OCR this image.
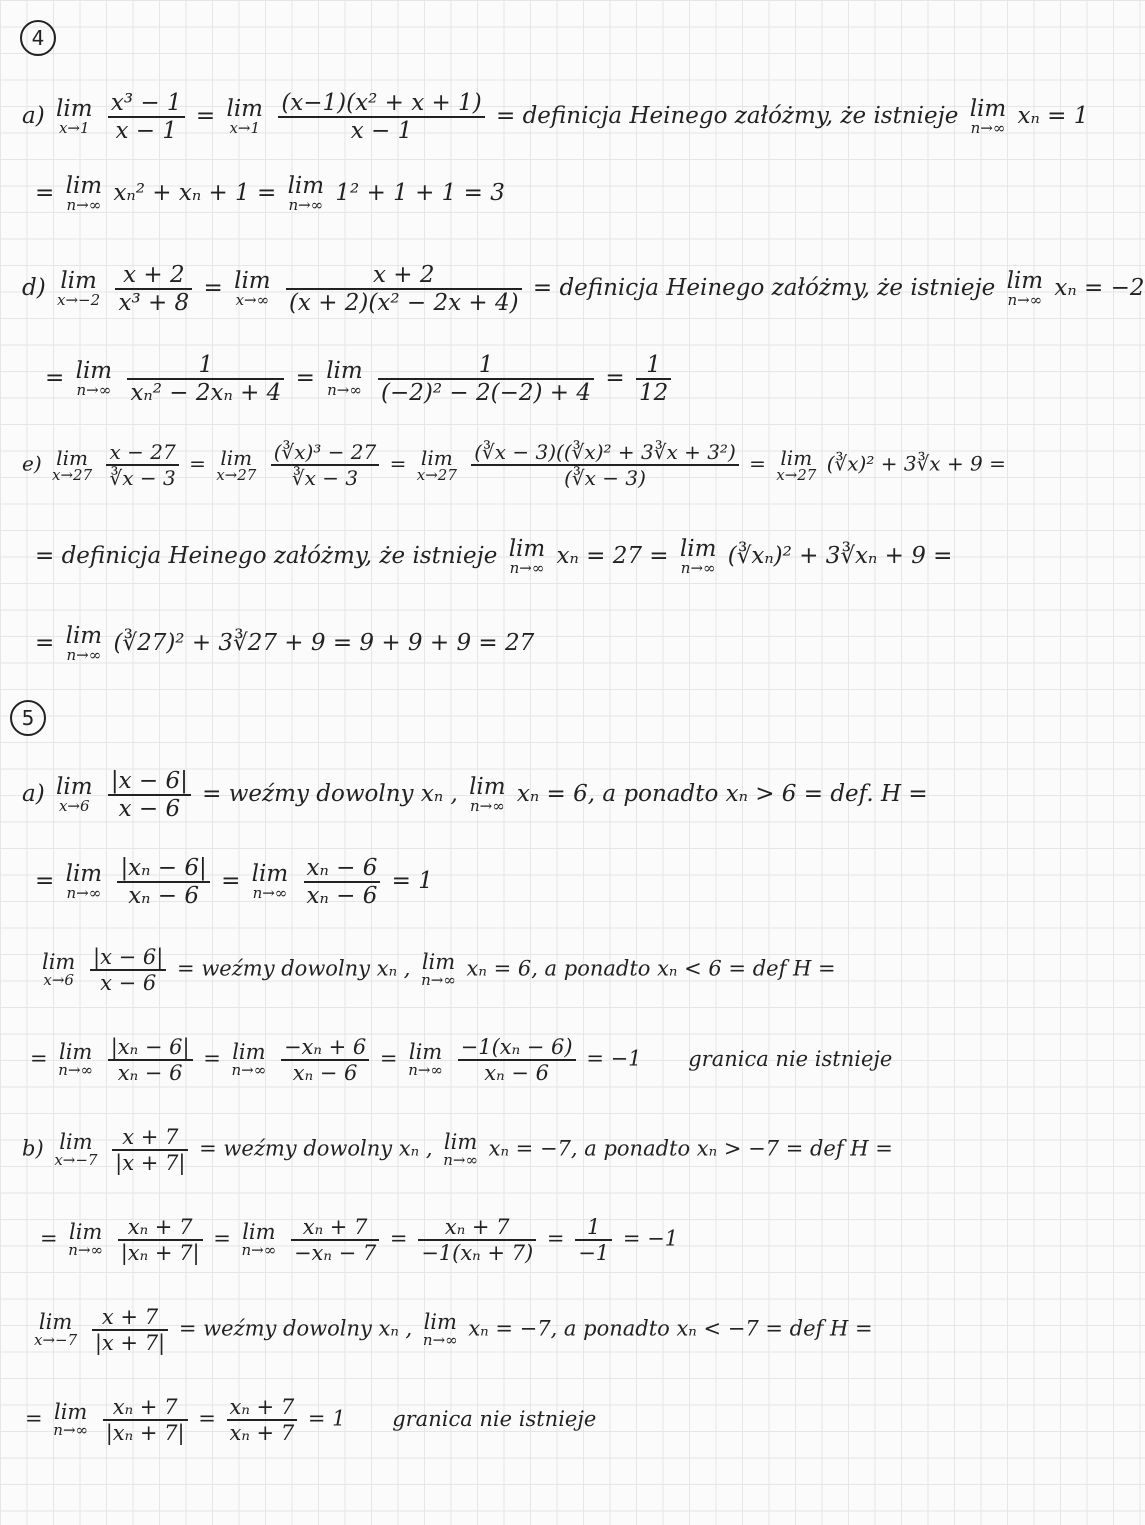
4
a) lim
x→1
$\frac{\text{x³ − 1}}{x - 1} = \lim$
x→1
$\frac{\text{(x−1)(x² + x + 1)}}{x - 1}$ = definicja Heinego załóżmy, że istnieje lim
n→∞ xₙ = 1
= lim
n→∞ xₙ² + xₙ + 1 = lim
n→∞ 1² + 1 + 1 = 3
d) lim
x→−2
$\frac{x + 2}{\text{x³ + 8}} = \lim$
x→∞
$\frac{x + 2}{\text{(x + 2)(x² − 2x + 4)}}$ = definicja Heinego załóżmy, że istnieje lim
n→∞ xₙ = −2
= lim
n→∞
$\frac{1}{\text{xₙ² − 2xₙ + 4}} = \lim$
n→∞
$\frac{1}{\text{(−2)² − 2(−2) + 4}} = \frac{1}{12}$
e) lim
x→27
$\frac{x - 27}{∛x - 3} = \lim$
x→27
$\frac{\text{(∛x)³ − 27}}{∛x - 3} = \lim$
x→27
$\frac{\text{(∛x − 3)((∛x)² + 3∛x + 3²)}}{(∛x - 3)} = \lim$
x→27 (∛x)² + 3∛x + 9 =
= definicja Heinego załóżmy, że istnieje lim
n→∞ xₙ = 27 = lim
n→∞ (∛xₙ)² + 3∛xₙ + 9 =
= lim
n→∞ (∛27)² + 3∛27 + 9 = 9 + 9 + 9 = 27
5
a) lim
x→6
$\frac{|x - 6|}{x - 6}$ = weźmy dowolny xₙ , lim
n→∞ xₙ = 6, a ponadto xₙ > 6 = def. H =
= lim
n→∞
$\frac{\text{|xₙ − 6|}}{\text{xₙ − 6}} = \lim$
n→∞
$\frac{\text{xₙ − 6}}{\text{xₙ − 6}} = 1$
lim
x→6
$\frac{|x - 6|}{x - 6}$ = weźmy dowolny xₙ , lim
n→∞ xₙ = 6, a ponadto xₙ < 6 = def H =
= lim
n→∞
$\frac{\text{|xₙ − 6|}}{\text{xₙ − 6}} = \lim$
n→∞
$\frac{\text{−xₙ + 6}}{\text{xₙ − 6}} = \lim$
n→∞
$\frac{\text{−1(xₙ − 6)}}{\text{xₙ − 6}} = -1$ granica nie istnieje
b) lim
x→−7
$\frac{x + 7}{|x + 7|}$ = weźmy dowolny xₙ , lim
n→∞ xₙ = −7, a ponadto xₙ > −7 = def H =
= lim
n→∞
$\frac{\text{xₙ + 7}}{\text{|xₙ + 7|}} = \lim$
n→∞
$\frac{\text{xₙ + 7}}{\text{−xₙ − 7}} = \frac{\text{xₙ + 7}}{\text{−1(xₙ + 7)}} = \frac{1}{-1} = -1$
lim
x→−7
$\frac{x + 7}{|x + 7|}$ = weźmy dowolny xₙ , lim
n→∞ xₙ = −7, a ponadto xₙ < −7 = def H =
= lim
n→∞
$\frac{\text{xₙ + 7}}{\text{|xₙ + 7|}} = \frac{\text{xₙ + 7}}{\text{xₙ + 7}} = 1$ granica nie istnieje
